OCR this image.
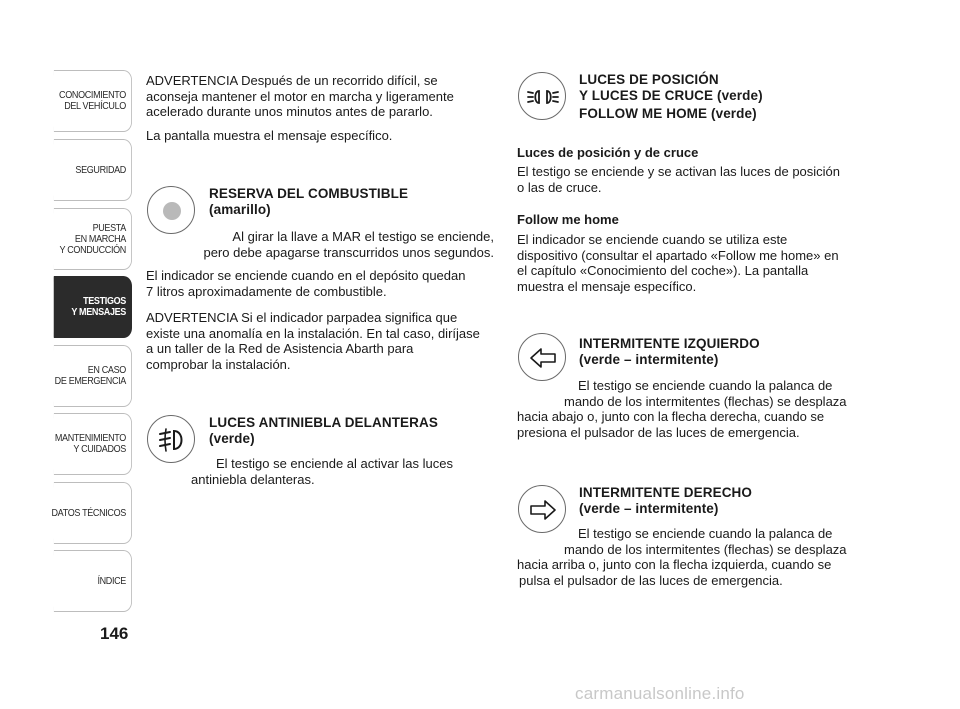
CONOCIMIENTO
DEL VEHÍCULO
SEGURIDAD
PUESTA
EN MARCHA
Y CONDUCCIÓN
TESTIGOS
Y MENSAJES
EN CASO
DE EMERGENCIA
MANTENIMIENTO
Y CUIDADOS
DATOS TÉCNICOS
ÍNDICE
146
ADVERTENCIA Después de un recorrido difícil, se
aconseja mantener el motor en marcha y ligeramente
acelerado durante unos minutos antes de pararlo.
La pantalla muestra el mensaje específico.
RESERVA DEL COMBUSTIBLE
(amarillo)
Al girar la llave a MAR el testigo se enciende,
pero debe apagarse transcurridos unos segundos.
El indicador se enciende cuando en el depósito quedan
7 litros aproximadamente de combustible.
ADVERTENCIA Si el indicador parpadea significa que
existe una anomalía en la instalación. En tal caso, diríjase
a un taller de la Red de Asistencia Abarth para
comprobar la instalación.
LUCES ANTINIEBLA DELANTERAS
(verde)
El testigo se enciende al activar las luces
antiniebla delanteras.
LUCES DE POSICIÓN
Y LUCES DE CRUCE (verde)
FOLLOW ME HOME (verde)
Luces de posición y de cruce
El testigo se enciende y se activan las luces de posición
o las de cruce.
Follow me home
El indicador se enciende cuando se utiliza este
dispositivo (consultar el apartado «Follow me home» en
el capítulo «Conocimiento del coche»). La pantalla
muestra el mensaje específico.
INTERMITENTE IZQUIERDO
(verde – intermitente)
El testigo se enciende cuando la palanca de
mando de los intermitentes (flechas) se desplaza
hacia abajo o, junto con la flecha derecha, cuando se
presiona el pulsador de las luces de emergencia.
INTERMITENTE DERECHO
(verde – intermitente)
El testigo se enciende cuando la palanca de
mando de los intermitentes (flechas) se desplaza
hacia arriba o, junto con la flecha izquierda, cuando se
pulsa el pulsador de las luces de emergencia.
carmanualsonline.info
